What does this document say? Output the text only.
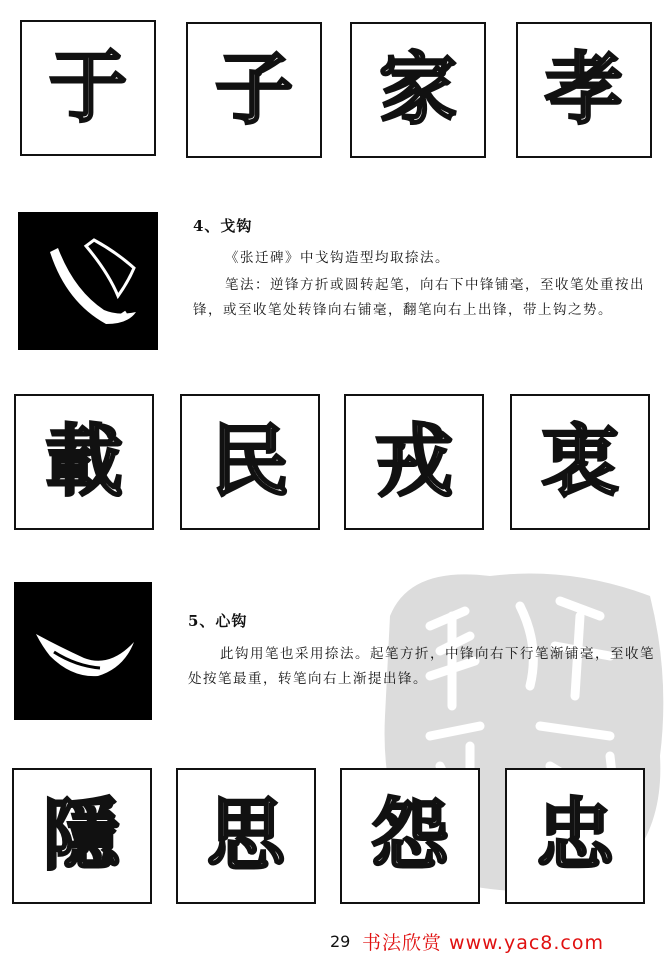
于 子 家 孝
4、戈钩

《张迁碑》中戈钩造型均取捺法。

笔法：逆锋方折或圆转起笔，向右下中锋铺毫，至收笔处重按出锋，或至收笔处转锋向右铺毫，翻笔向右上出锋，带上钩之势。

載 民 戎 衷
5、心钩

此钩用笔也采用捺法。起笔方折，中锋向右下行笔渐铺毫，至收笔处按笔最重，转笔向右上渐提出锋。

隱 思 怨 忠
29 书法欣赏 www.yac8.com
